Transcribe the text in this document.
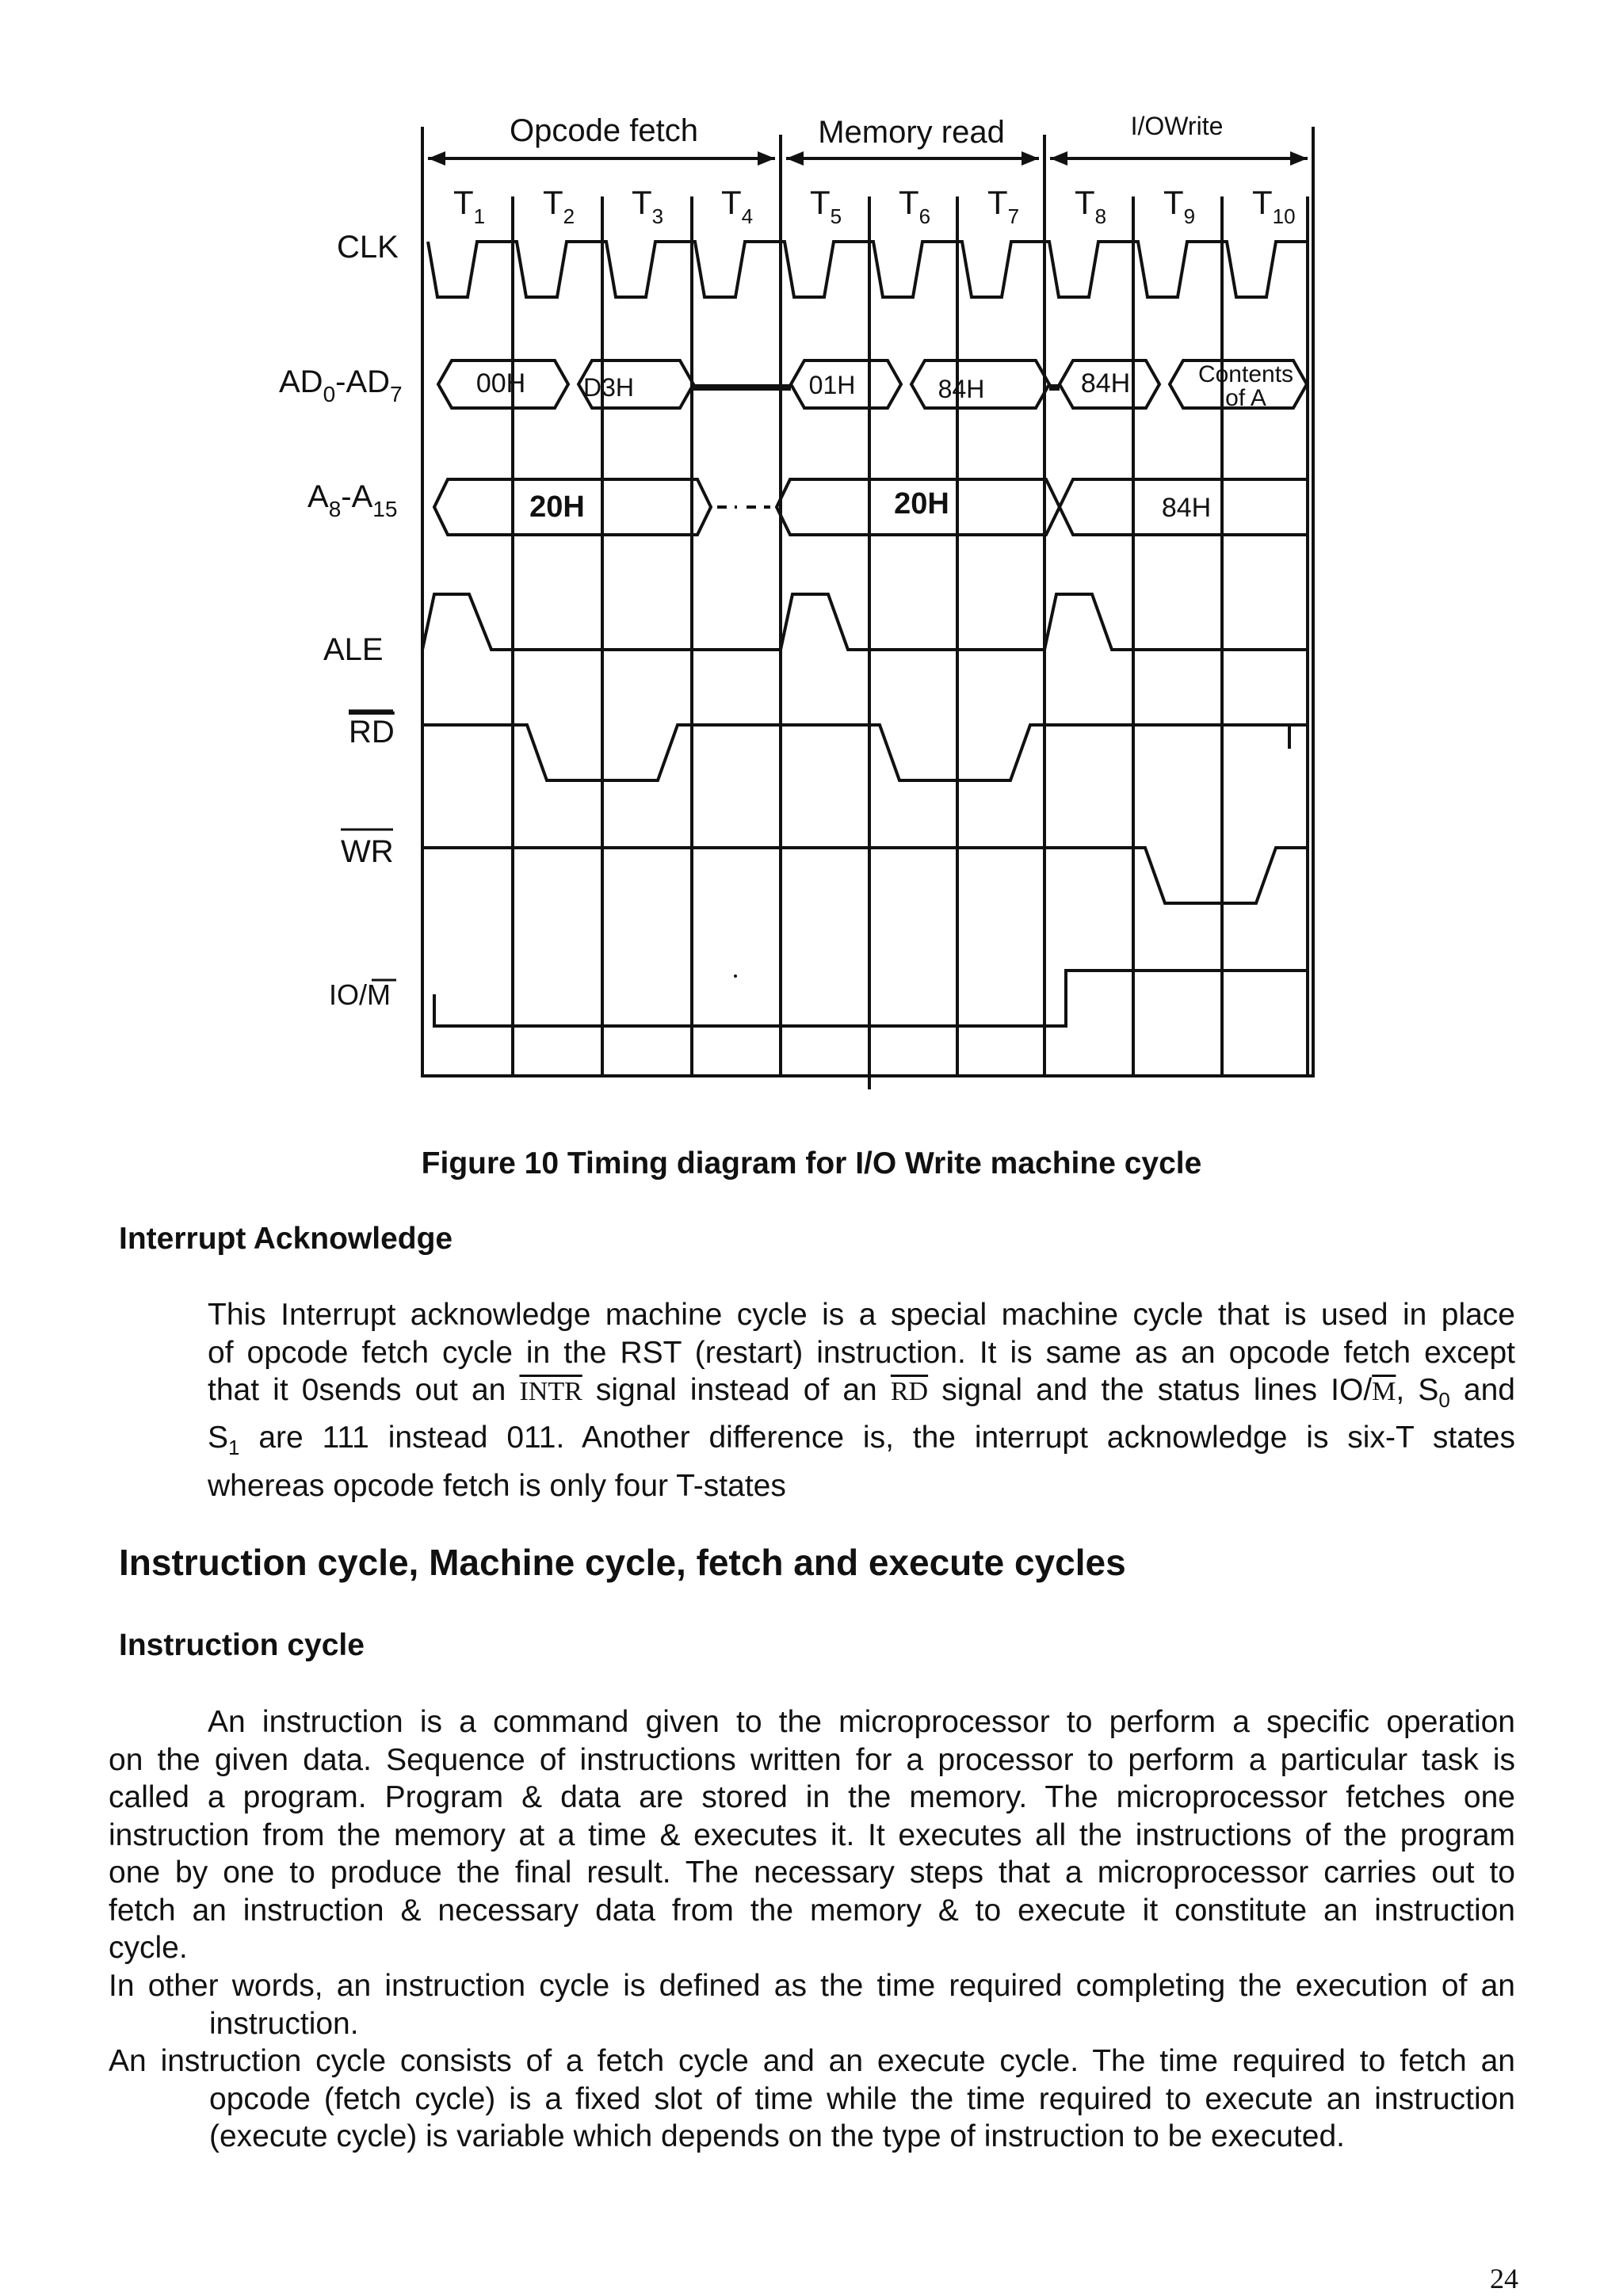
Opcode fetch	Memory read	I/OWrite
$T_1$ $T_2$ $T_3$ $T_4$ $T_5$ $T_6$ $T_7$ $T_8$ $T_9$ $T_{10}$
CLK
$AD_0-AD_7$
$A_8-A_{15}$
ALE
RD
WR
IO/M
00H D3H	01H	84H	84H	Contents
of A
20H	20H	84H
Figure 10 Timing diagram for I/O Write machine cycle
Interrupt Acknowledge
This Interrupt acknowledge machine cycle is a special machine cycle that is used in place
of opcode fetch cycle in the RST (restart) instruction. It is same as an opcode fetch except
that it 0sends out an INTR signal instead of an $\overline{RD}$ signal and the status lines $IO/\overline{M}$, $S_0$ and
$S_1$ are 111 instead 011. Another difference is, the interrupt acknowledge is six-T states
whereas opcode fetch is only four T-states
Instruction cycle, Machine cycle, fetch and execute cycles
Instruction cycle
An instruction is a command given to the microprocessor to perform a specific operation
on the given data. Sequence of instructions written for a processor to perform a particular task is
called a program. Program & data are stored in the memory. The microprocessor fetches one
instruction from the memory at a time & executes it. It executes all the instructions of the program
one by one to produce the final result. The necessary steps that a microprocessor carries out to
fetch an instruction & necessary data from the memory & to execute it constitute an instruction
cycle.

In other words, an instruction cycle is defined as the time required completing the execution of an instruction.

An instruction cycle consists of a fetch cycle and an execute cycle. The time required to fetch an opcode (fetch cycle) is a fixed slot of time while the time required to execute an instruction (execute cycle) is variable which depends on the type of instruction to be executed.

24
